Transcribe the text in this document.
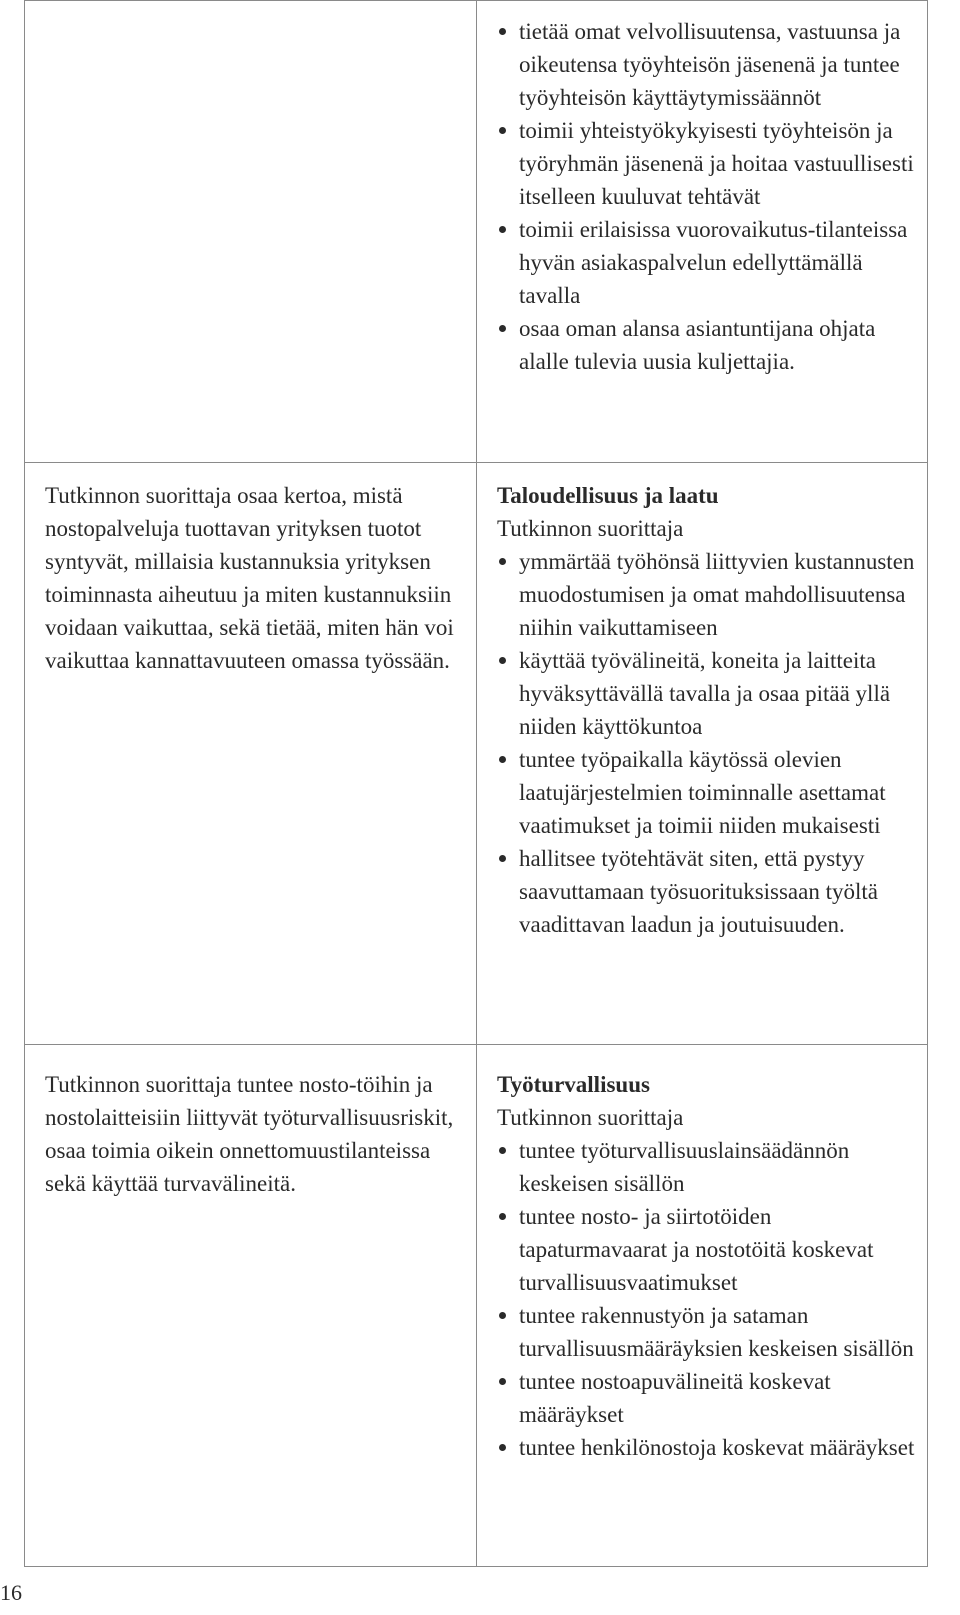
tietää omat velvollisuutensa, vastuunsa ja oikeutensa työyhteisön jäsenenä ja tuntee työyhteisön käyttäytymissäännöt
toimii yhteistyökykyisesti työyhteisön ja työryhmän jäsenenä ja hoitaa vastuullisesti itselleen kuuluvat tehtävät
toimii erilaisissa vuorovaikutus-tilanteissa hyvän asiakaspalvelun edellyttämällä tavalla
osaa oman alansa asiantuntijana ohjata alalle tulevia uusia kuljettajia.
Tutkinnon suorittaja osaa kertoa, mistä nostopalveluja tuottavan yrityksen tuotot syntyvät, millaisia kustannuksia yrityksen toiminnasta aiheutuu ja miten kustannuksiin voidaan vaikuttaa, sekä tietää, miten hän voi vaikuttaa kannattavuuteen omassa työssään.
Taloudellisuus ja laatu
Tutkinnon suorittaja
ymmärtää työhönsä liittyvien kustannusten muodostumisen ja omat mahdollisuutensa niihin vaikuttamiseen
käyttää työvälineitä, koneita ja laitteita hyväksyttävällä tavalla ja osaa pitää yllä niiden käyttökuntoa
tuntee työpaikalla käytössä olevien laatujärjestelmien toiminnalle asettamat vaatimukset ja toimii niiden mukaisesti
hallitsee työtehtävät siten, että pystyy saavuttamaan työsuorituksissaan työltä vaadittavan laadun ja joutuisuuden.
Tutkinnon suorittaja tuntee nosto-töihin ja nostolaitteisiin liittyvät työturvallisuusriskit, osaa toimia oikein onnettomuustilanteissa sekä käyttää turvavälineitä.
Työturvallisuus
Tutkinnon suorittaja
tuntee työturvallisuuslainsäädännön keskeisen sisällön
tuntee nosto- ja siirtotöiden tapaturmavaarat ja nostotöitä koskevat turvallisuusvaatimukset
tuntee rakennustyön ja sataman turvallisuusmääräyksien keskeisen sisällön
tuntee nostoapuvälineitä koskevat määräykset
tuntee henkilönostoja koskevat määräykset
16
